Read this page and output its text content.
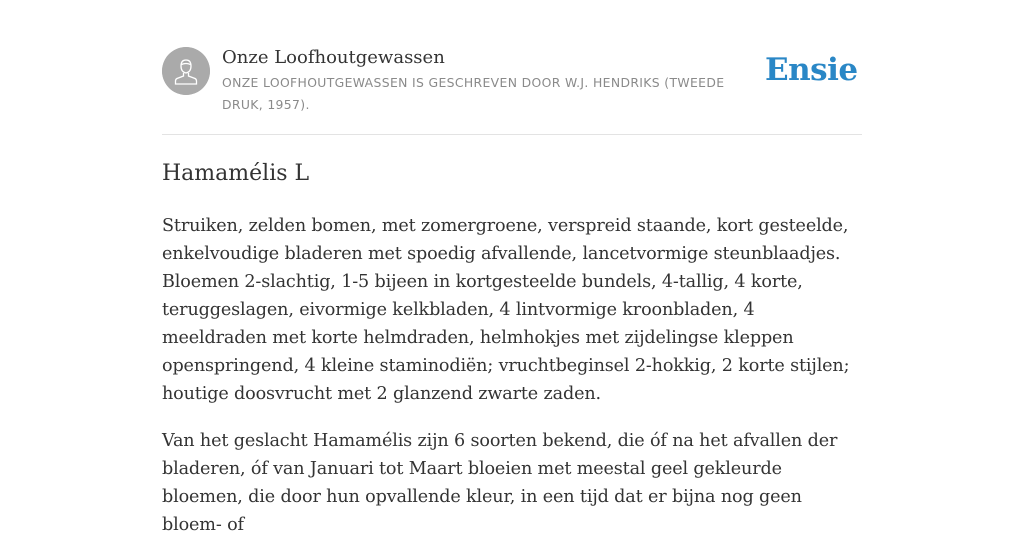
Onze Loofhoutgewassen
ONZE LOOFHOUTGEWASSEN IS GESCHREVEN DOOR W.J. HENDRIKS (TWEEDE DRUK, 1957).
Ensie
Hamamélis L

Struiken, zelden bomen, met zomergroene, verspreid staande, kort gesteelde, enkelvoudige bladeren met spoedig afvallende, lancetvormige steunblaadjes. Bloemen 2-slachtig, 1-5 bijeen in kortgesteelde bundels, 4-tallig, 4 korte, teruggeslagen, eivormige kelkbladen, 4 lintvormige kroonbladen, 4 meeldraden met korte helmdraden, helmhokjes met zijdelingse kleppen openspringend, 4 kleine staminodiën; vruchtbeginsel 2-hokkig, 2 korte stijlen; houtige doosvrucht met 2 glanzend zwarte zaden.

Van het geslacht Hamamélis zijn 6 soorten bekend, die óf na het afvallen der bladeren, óf van Januari tot Maart bloeien met meestal geel gekleurde bloemen, die door hun opvallende kleur, in een tijd dat er bijna nog geen bloem- of
